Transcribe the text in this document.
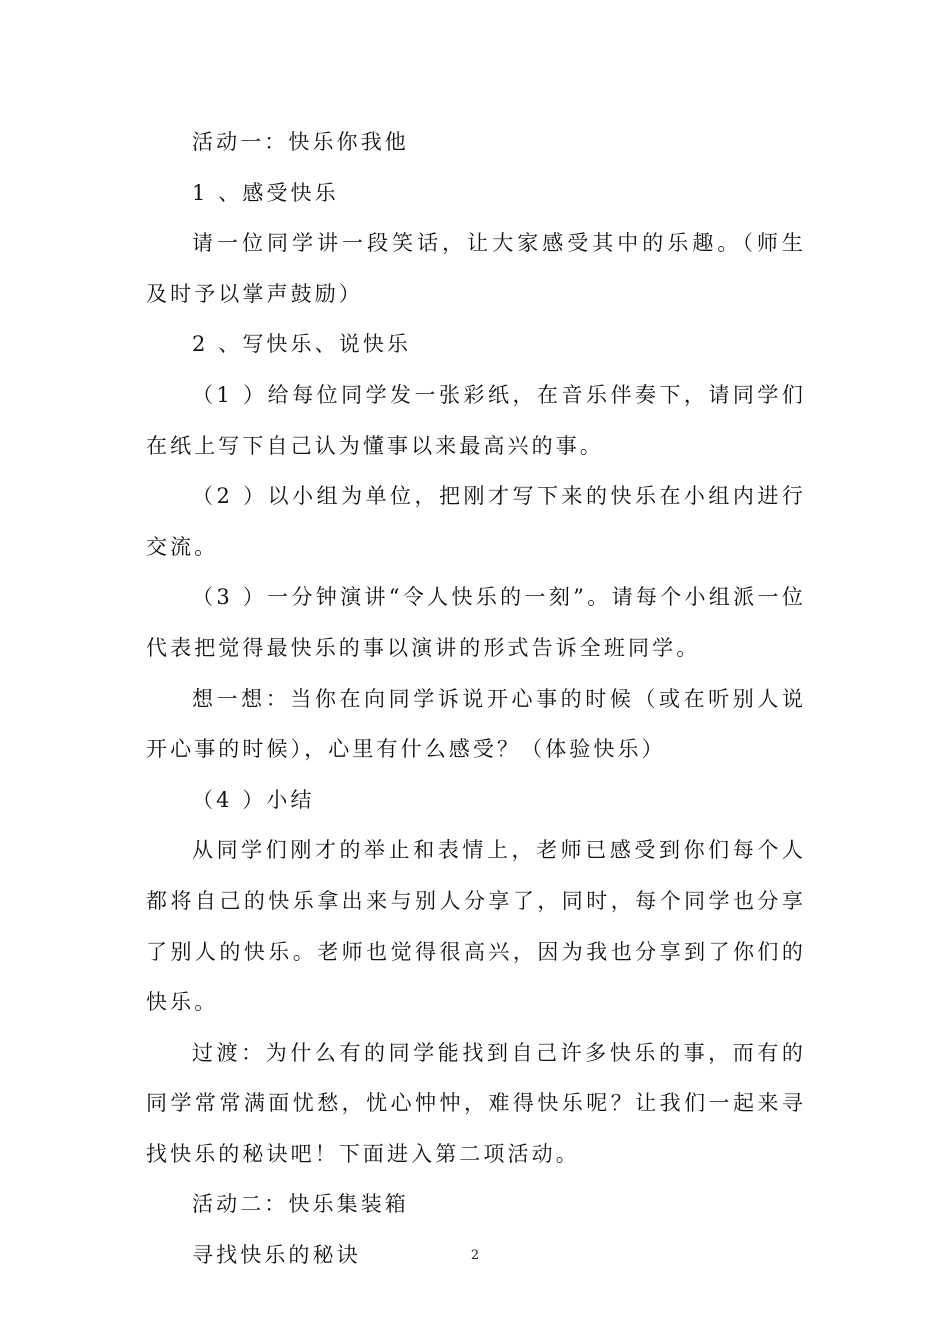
活动一：快乐你我他

1 、感受快乐

请一位同学讲一段笑话，让大家感受其中的乐趣。（师生及时予以掌声鼓励）

2 、写快乐、说快乐

（1 ）给每位同学发一张彩纸，在音乐伴奏下，请同学们在纸上写下自己认为懂事以来最高兴的事。

（2 ）以小组为单位，把刚才写下来的快乐在小组内进行交流。

（3 ）一分钟演讲“令人快乐的一刻”。请每个小组派一位代表把觉得最快乐的事以演讲的形式告诉全班同学。

想一想：当你在向同学诉说开心事的时候（或在听别人说开心事的时候），心里有什么感受？（体验快乐）

（4 ）小结

从同学们刚才的举止和表情上，老师已感受到你们每个人都将自己的快乐拿出来与别人分享了，同时，每个同学也分享了别人的快乐。老师也觉得很高兴，因为我也分享到了你们的快乐。

过渡：为什么有的同学能找到自己许多快乐的事，而有的同学常常满面忧愁，忧心忡忡，难得快乐呢？让我们一起来寻找快乐的秘诀吧！下面进入第二项活动。

活动二：快乐集装箱

寻找快乐的秘诀	2
